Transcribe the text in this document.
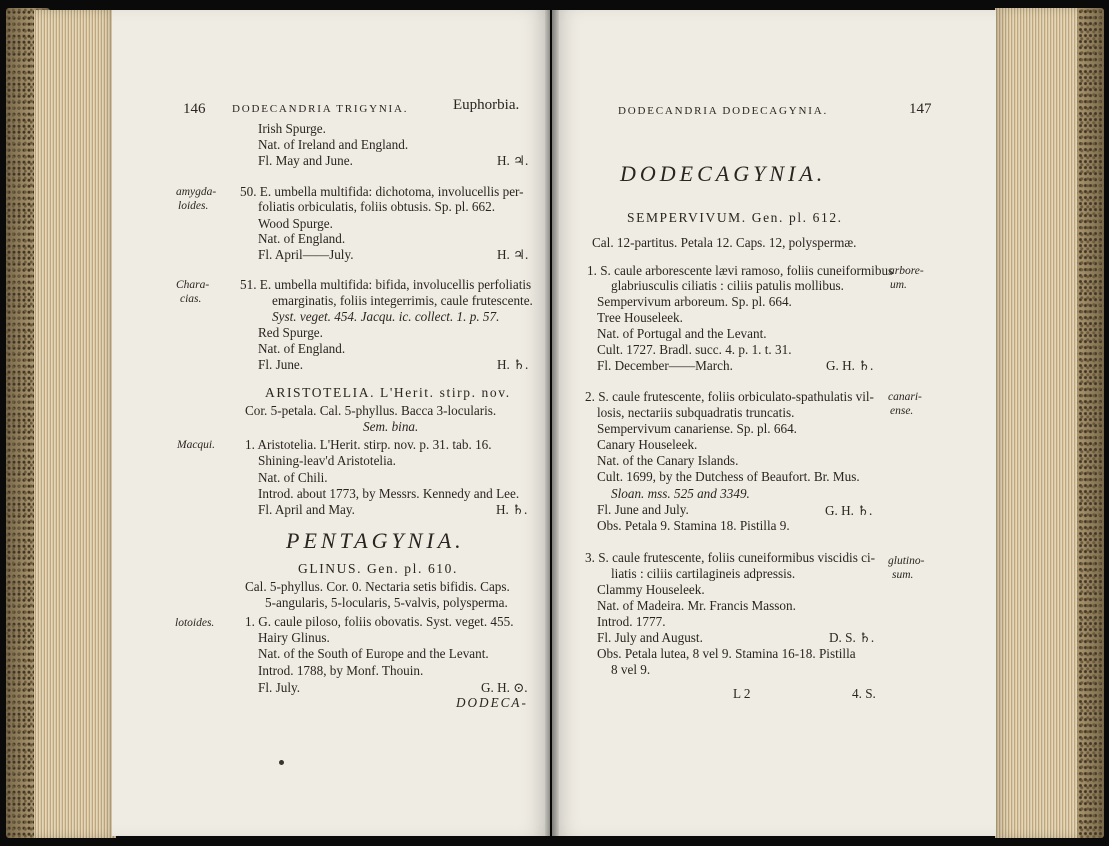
146 DODECANDRIA TRIGYNIA.	Euphorbia.
Irish Spurge.
Nat. of Ireland and England.
Fl. May and June.	H. ♃.
amygda-
loides.
50. E. umbella multifida: dichotoma, involucellis per-
foliatis orbiculatis, foliis obtusis. Sp. pl. 662.
Wood Spurge.
Nat. of England.
Fl. April——July.	H. ♃.
Chara-
cias.
51. E. umbella multifida: bifida, involucellis perfoliatis
emarginatis, foliis integerrimis, caule frutescente.
Syst. veget. 454. Jacqu. ic. collect. 1. p. 57.
Red Spurge.
Nat. of England.
Fl. June.	H. ♄.
ARISTOTELIA. L'Herit. stirp. nov.
Cor. 5-petala. Cal. 5-phyllus. Bacca 3-locularis.
Sem. bina.
Macqui. 1. Aristotelia. L'Herit. stirp. nov. p. 31. tab. 16.
Shining-leav'd Aristotelia.
Nat. of Chili.
Introd. about 1773, by Messrs. Kennedy and Lee.
Fl. April and May.	H. ♄.
PENTAGYNIA.
GLINUS. Gen. pl. 610.
Cal. 5-phyllus. Cor. 0. Nectaria setis bifidis. Caps.
5-angularis, 5-locularis, 5-valvis, polysperma.
lotoides. 1. G. caule piloso, foliis obovatis. Syst. veget. 455.
Hairy Glinus.
Nat. of the South of Europe and the Levant.
Introd. 1788, by Monf. Thouin.
Fl. July.	G. H. ⊙.
DODECA-
DODECANDRIA DODECAGYNIA.	147
DODECAGYNIA.
SEMPERVIVUM. Gen. pl. 612.
Cal. 12-partitus. Petala 12. Caps. 12, polyspermæ.
1. S. caule arborescente lævi ramoso, foliis cuneiformibus
glabriusculis ciliatis : ciliis patulis mollibus.
arbore-
um.
Sempervivum arboreum. Sp. pl. 664.
Tree Houseleek.
Nat. of Portugal and the Levant.
Cult. 1727. Bradl. succ. 4. p. 1. t. 31.
Fl. December——March.	G. H. ♄.
2. S. caule frutescente, foliis orbiculato-spathulatis vil-
losis, nectariis subquadratis truncatis.
canari-
ense.
Sempervivum canariense. Sp. pl. 664.
Canary Houseleek.
Nat. of the Canary Islands.
Cult. 1699, by the Dutchess of Beaufort. Br. Mus.
Sloan. mss. 525 and 3349.
Fl. June and July.	G. H. ♄.
Obs. Petala 9. Stamina 18. Pistilla 9.
3. S. caule frutescente, foliis cuneiformibus viscidis ci-
liatis : ciliis cartilagineis adpressis.
glutino-
sum.
Clammy Houseleek.
Nat. of Madeira. Mr. Francis Masson.
Introd. 1777.
Fl. July and August.	D. S. ♄.
Obs. Petala lutea, 8 vel 9. Stamina 16-18. Pistilla
8 vel 9.
L 2	4. S.
